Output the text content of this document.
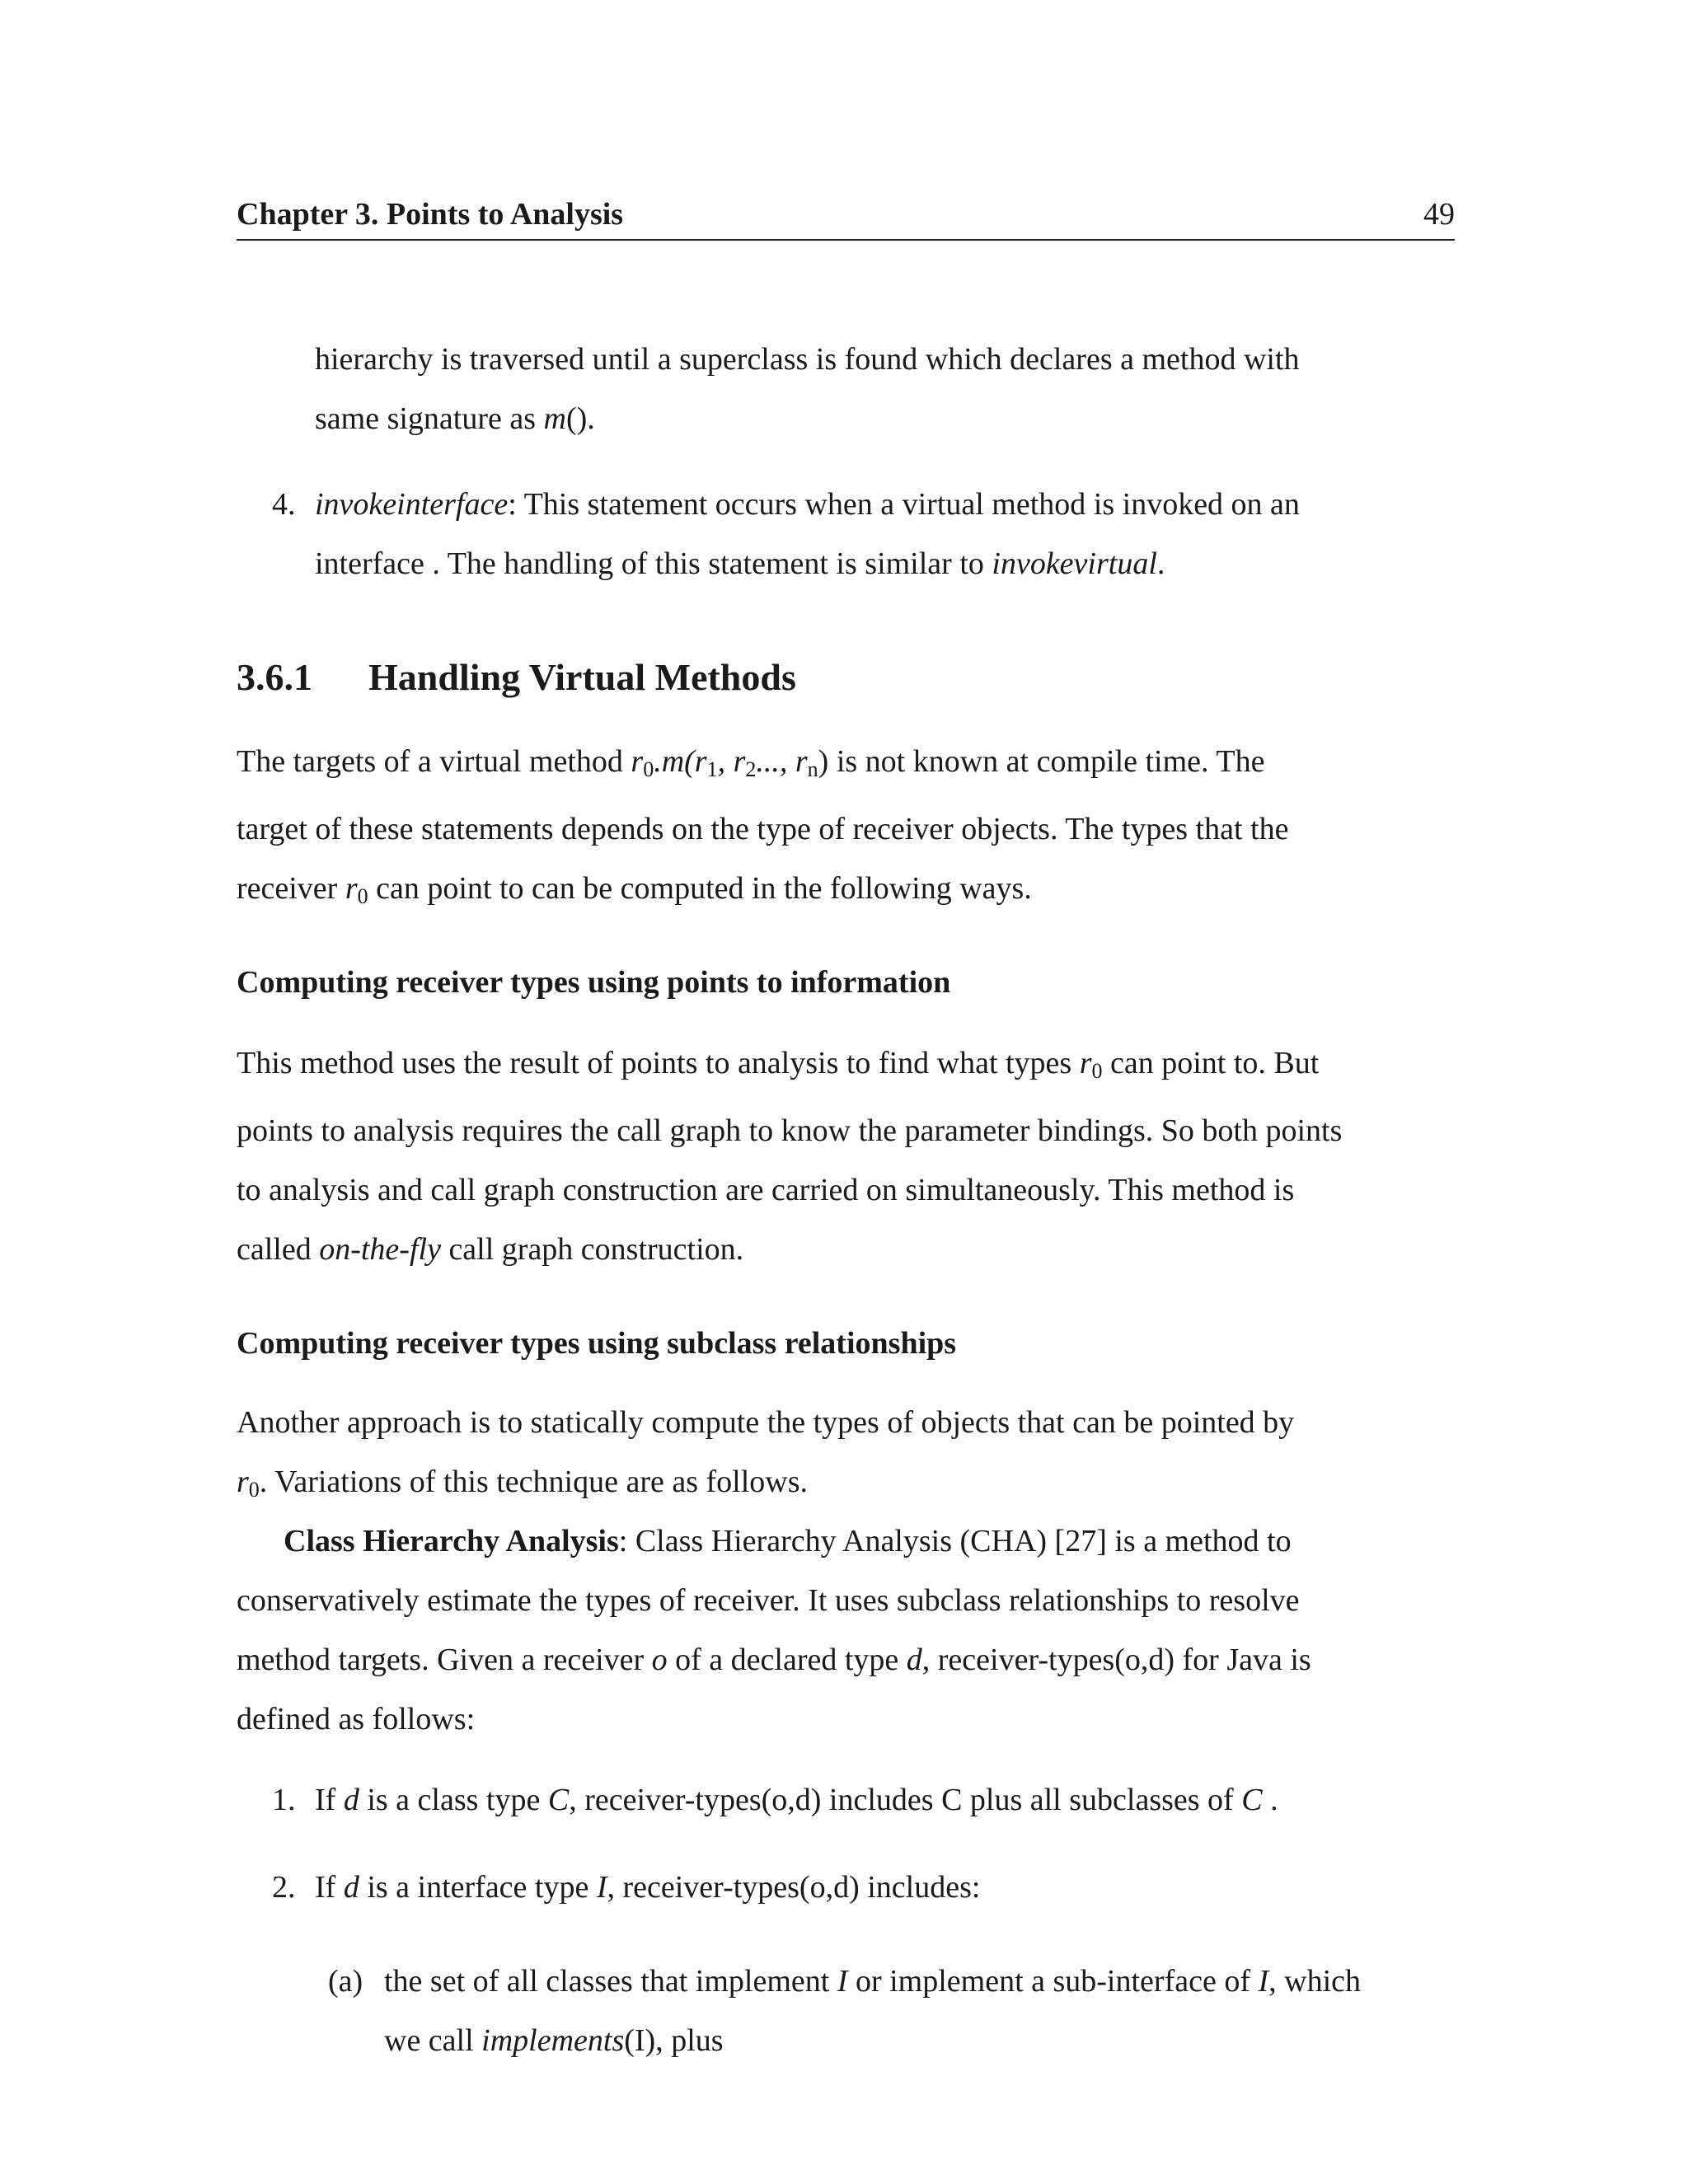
Chapter 3. Points to Analysis	49
hierarchy is traversed until a superclass is found which declares a method with
same signature as m().
4. invokeinterface: This statement occurs when a virtual method is invoked on an
interface . The handling of this statement is similar to invokevirtual.
3.6.1 Handling Virtual Methods
The targets of a virtual method $r_0.m(r_1$, $r_2$..., $r_n$) is not known at compile time. The
target of these statements depends on the type of receiver objects. The types that the
receiver $r_0$ can point to can be computed in the following ways.
Computing receiver types using points to information
This method uses the result of points to analysis to find what types $r_0$ can point to. But
points to analysis requires the call graph to know the parameter bindings. So both points
to analysis and call graph construction are carried on simultaneously. This method is
called on-the-fly call graph construction.
Computing receiver types using subclass relationships
Another approach is to statically compute the types of objects that can be pointed by
$r_0$. Variations of this technique are as follows.
Class Hierarchy Analysis: Class Hierarchy Analysis (CHA) [27] is a method to
conservatively estimate the types of receiver. It uses subclass relationships to resolve
method targets. Given a receiver o of a declared type d, receiver-types(o,d) for Java is
defined as follows:
1. If d is a class type C, receiver-types(o,d) includes C plus all subclasses of C .
2. If d is a interface type I, receiver-types(o,d) includes:
(a) the set of all classes that implement I or implement a sub-interface of I, which
we call implements(I), plus
